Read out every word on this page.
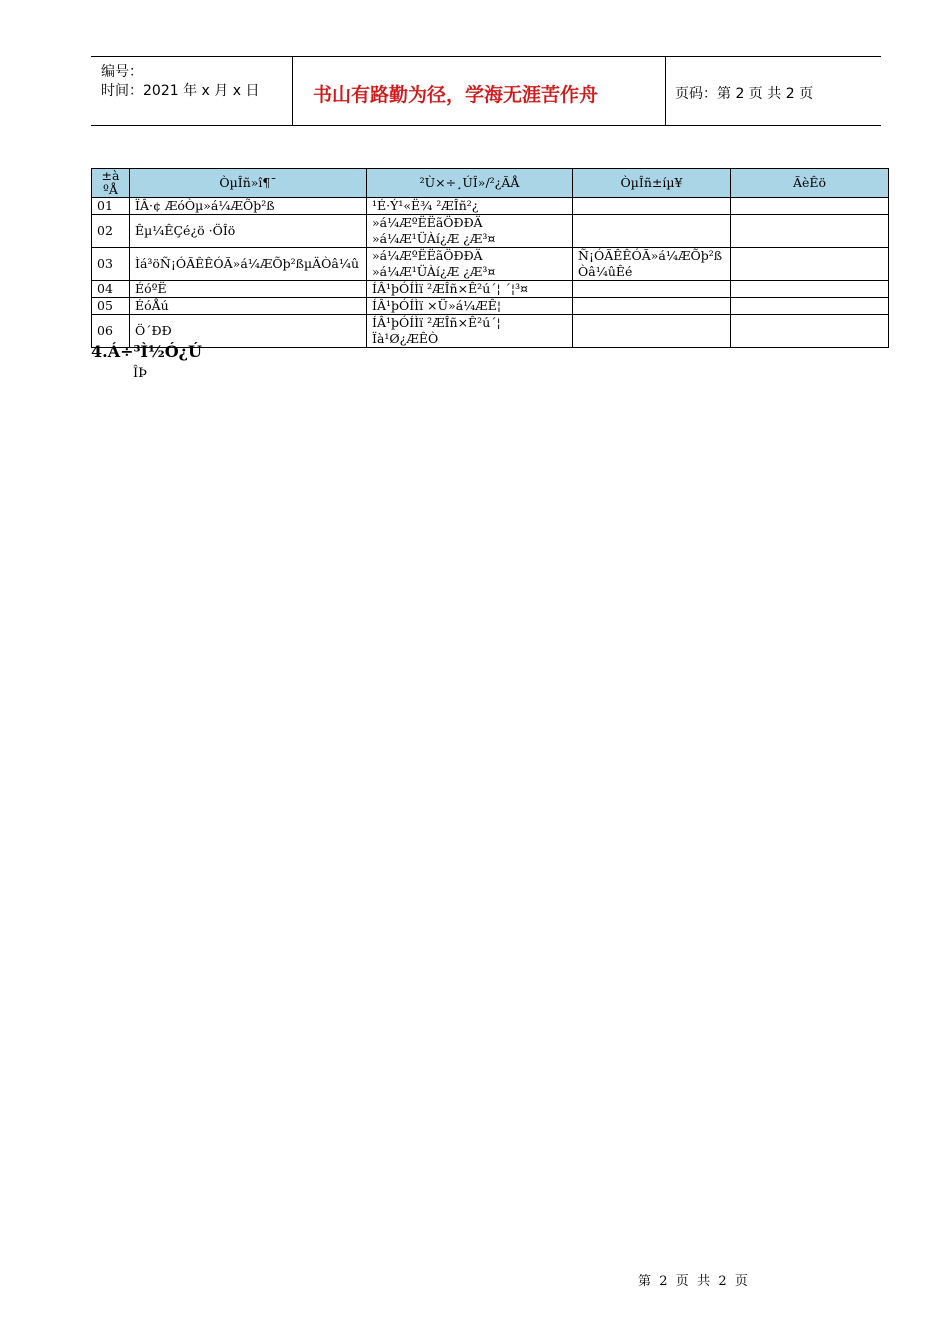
编号：
时间：2021 年 x 月 x 日	书山有路勤为径，学海无涯苦作舟	页码：第 2 页 共 2 页
±à ºÅ	ÒµÎñ»î¶¯	²Ù×÷¸ÚÎ»/²¿ÃÅ	ÒµÎñ±íµ¥	ÃèÊö
01	ÏÂ·¢ ÆóÒµ»á¼ÆÕþ²ß	¹É·Ý¹«Ë¾ ²ÆÎñ²¿		
02	Êµ¼ÊÇé¿ö ·ÖÎö	»á¼ÆºËËãÖÐÐÄ »á¼Æ¹ÜÀí¿Æ ¿Æ³¤		
03	Ìá³öÑ¡ÓÃÊÊÓÃ»á¼ÆÕþ²ßµÄÒâ¼û	»á¼ÆºËËãÖÐÐÄ »á¼Æ¹ÜÀí¿Æ ¿Æ³¤	Ñ¡ÓÃÊÊÓÃ»á¼ÆÕþ²ß Òâ¼ûÊé	
04	ÉóºË	ÍÂ¹þÓÍÌï ²ÆÎñ×Ê²ú´¦ ´¦³¤		
05	ÉóÅú	ÍÂ¹þÓÍÌï ×Ü»á¼ÆÊ¦		
06	Ö´ÐÐ	ÍÂ¹þÓÍÌï ²ÆÎñ×Ê²ú´¦ Ïà¹Ø¿ÆÊÒ		
4.Á÷³Ì½Ó¿Ú
ÎÞ
第  2  页  共  2  页
